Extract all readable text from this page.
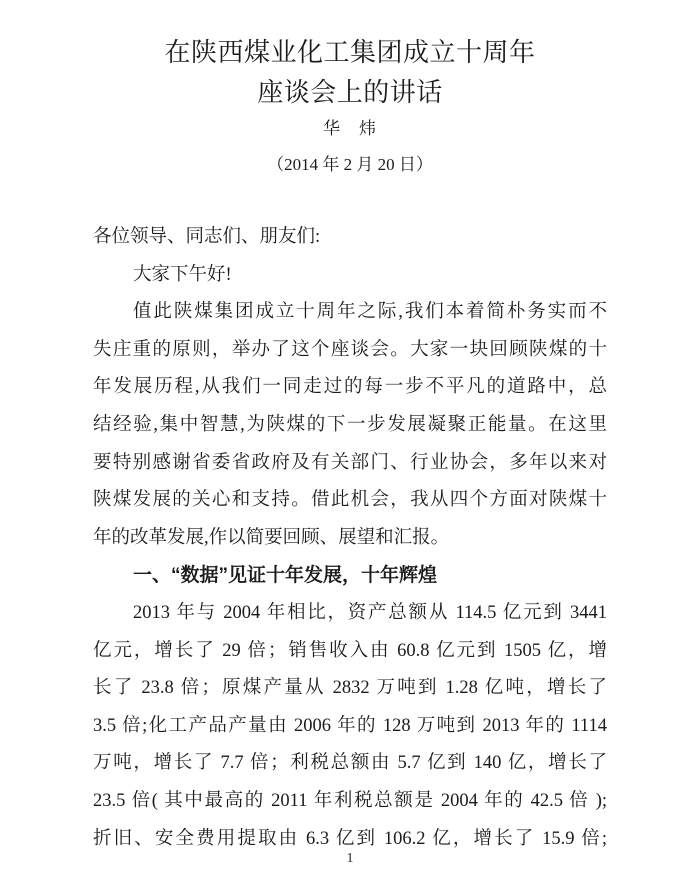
在陕西煤业化工集团成立十周年
座谈会上的讲话
华　炜
（2014 年 2 月 20 日）
各位领导、同志们、朋友们:
大家下午好!
值此陕煤集团成立十周年之际,我们本着简朴务实而不
失庄重的原则，举办了这个座谈会。大家一块回顾陕煤的十
年发展历程,从我们一同走过的每一步不平凡的道路中，总
结经验,集中智慧,为陕煤的下一步发展凝聚正能量。在这里
要特别感谢省委省政府及有关部门、行业协会，多年以来对
陕煤发展的关心和支持。借此机会，我从四个方面对陕煤十
年的改革发展,作以简要回顾、展望和汇报。
一、“数据”见证十年发展，十年辉煌
2013 年与 2004 年相比，资产总额从 114.5 亿元到 3441
亿元，增长了 29 倍；销售收入由 60.8 亿元到 1505 亿，增
长了 23.8 倍；原煤产量从 2832 万吨到 1.28 亿吨，增长了
3.5 倍;化工产品产量由 2006 年的 128 万吨到 2013 年的 1114
万吨，增长了 7.7 倍；利税总额由 5.7 亿到 140 亿，增长了
23.5 倍( 其中最高的 2011 年利税总额是 2004 年的 42.5 倍 );
折旧、安全费用提取由 6.3 亿到 106.2 亿，增长了 15.9 倍;
1
